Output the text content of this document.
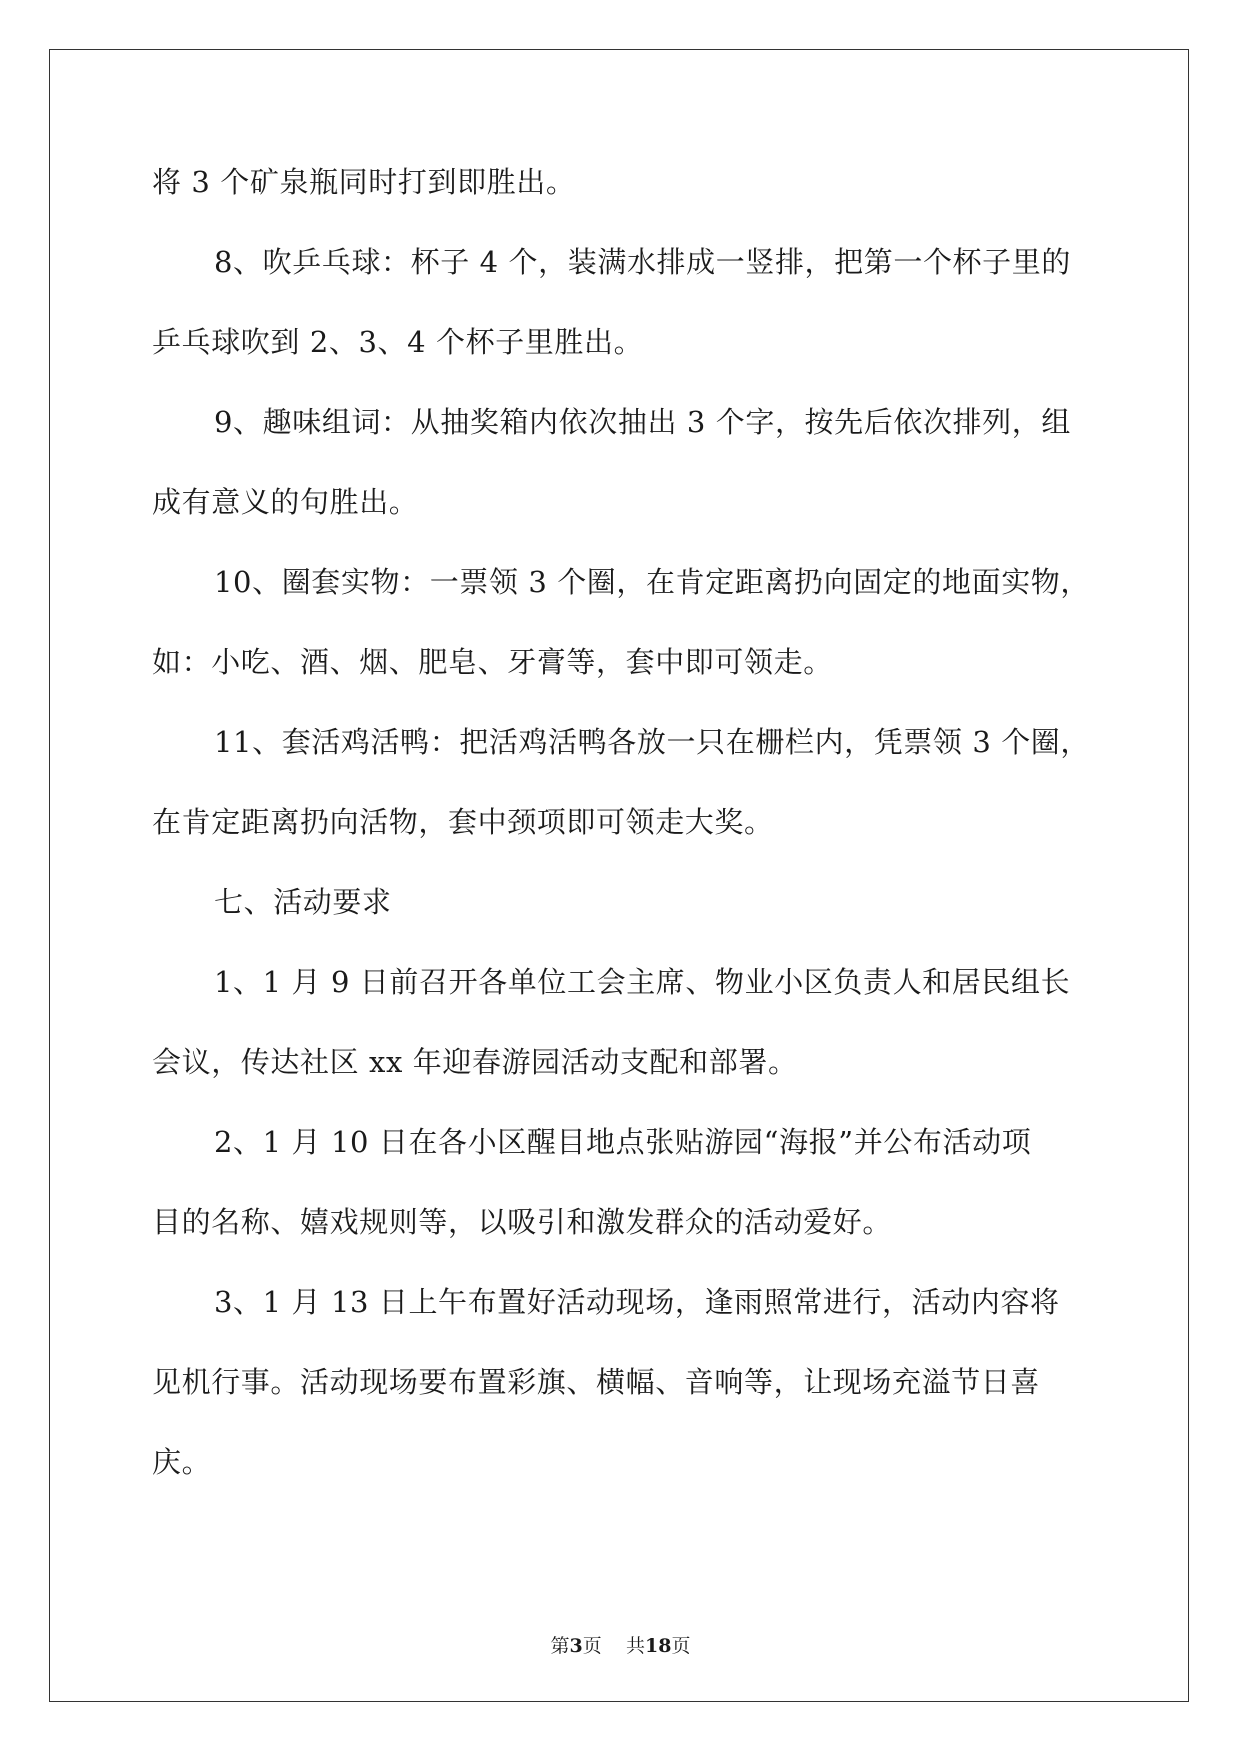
将 3 个矿泉瓶同时打到即胜出。
8、吹乒乓球：杯子 4 个，装满水排成一竖排，把第一个杯子里的
乒乓球吹到 2、3、4 个杯子里胜出。
9、趣味组词：从抽奖箱内依次抽出 3 个字，按先后依次排列，组
成有意义的句胜出。
10、圈套实物：一票领 3 个圈，在肯定距离扔向固定的地面实物，
如：小吃、酒、烟、肥皂、牙膏等，套中即可领走。
11、套活鸡活鸭：把活鸡活鸭各放一只在栅栏内，凭票领 3 个圈，
在肯定距离扔向活物，套中颈项即可领走大奖。
七、活动要求
1、1 月 9 日前召开各单位工会主席、物业小区负责人和居民组长
会议，传达社区 xx 年迎春游园活动支配和部署。
2、1 月 10 日在各小区醒目地点张贴游园“海报”并公布活动项
目的名称、嬉戏规则等，以吸引和激发群众的活动爱好。
3、1 月 13 日上午布置好活动现场，逢雨照常进行，活动内容将
见机行事。活动现场要布置彩旗、横幅、音响等，让现场充溢节日喜
庆。
第3页 共18页
